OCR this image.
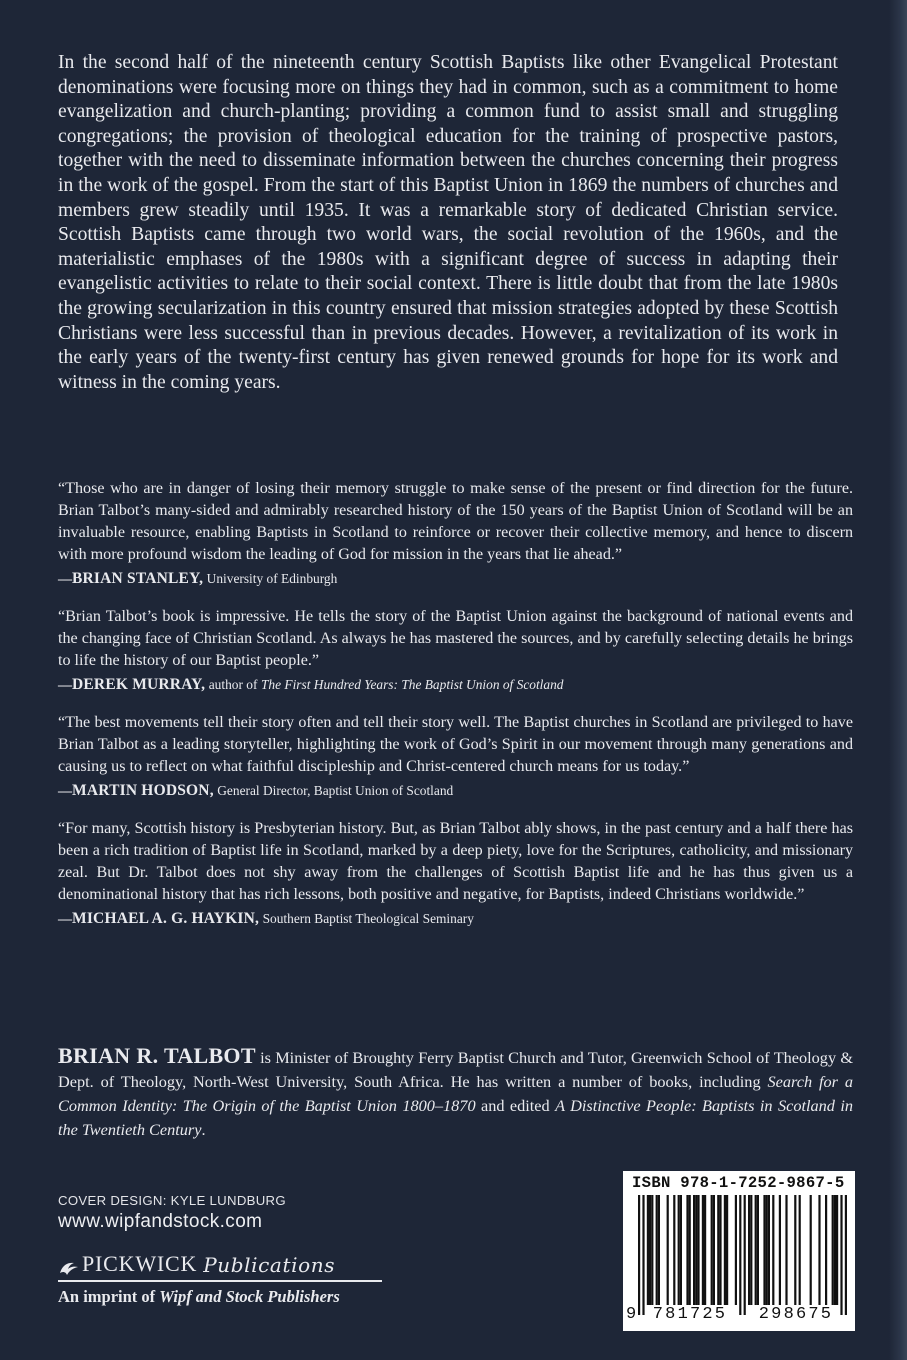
In the second half of the nineteenth century Scottish Baptists like other Evangelical Protestant denominations were focusing more on things they had in common, such as a commitment to home evangelization and church-planting; providing a common fund to assist small and struggling congregations; the provision of theological education for the training of prospective pastors, together with the need to disseminate information between the churches concerning their progress in the work of the gospel. From the start of this Baptist Union in 1869 the numbers of churches and members grew steadily until 1935. It was a remarkable story of dedicated Christian service. Scottish Baptists came through two world wars, the social revolution of the 1960s, and the materialistic emphases of the 1980s with a significant degree of success in adapting their evangelistic activities to relate to their social context. There is little doubt that from the late 1980s the growing secularization in this country ensured that mission strategies adopted by these Scottish Christians were less successful than in previous decades. However, a revitalization of its work in the early years of the twenty-first century has given renewed grounds for hope for its work and witness in the coming years.

“Those who are in danger of losing their memory struggle to make sense of the present or find direction for the future. Brian Talbot’s many-sided and admirably researched history of the 150 years of the Baptist Union of Scotland will be an invaluable resource, enabling Baptists in Scotland to reinforce or recover their collective memory, and hence to discern with more profound wisdom the leading of God for mission in the years that lie ahead.”

—BRIAN STANLEY, University of Edinburgh

“Brian Talbot’s book is impressive. He tells the story of the Baptist Union against the background of national events and the changing face of Christian Scotland. As always he has mastered the sources, and by carefully selecting details he brings to life the history of our Baptist people.”

—DEREK MURRAY, author of The First Hundred Years: The Baptist Union of Scotland

“The best movements tell their story often and tell their story well. The Baptist churches in Scotland are privileged to have Brian Talbot as a leading storyteller, highlighting the work of God’s Spirit in our movement through many generations and causing us to reflect on what faithful discipleship and Christ-centered church means for us today.”

—MARTIN HODSON, General Director, Baptist Union of Scotland

“For many, Scottish history is Presbyterian history. But, as Brian Talbot ably shows, in the past century and a half there has been a rich tradition of Baptist life in Scotland, marked by a deep piety, love for the Scriptures, catholicity, and missionary zeal. But Dr. Talbot does not shy away from the challenges of Scottish Baptist life and he has thus given us a denominational history that has rich lessons, both positive and negative, for Baptists, indeed Christians worldwide.”

—MICHAEL A. G. HAYKIN, Southern Baptist Theological Seminary

BRIAN R. TALBOT is Minister of Broughty Ferry Baptist Church and Tutor, Greenwich School of Theology & Dept. of Theology, North-West University, South Africa. He has written a number of books, including Search for a Common Identity: The Origin of the Baptist Union 1800–1870 and edited A Distinctive People: Baptists in Scotland in the Twentieth Century.

COVER DESIGN: KYLE LUNDBURG
www.wipfandstock.com
PICKWICK Publications
An imprint of Wipf and Stock Publishers
ISBN 978-1-7252-9867-5
9 781725	298675
